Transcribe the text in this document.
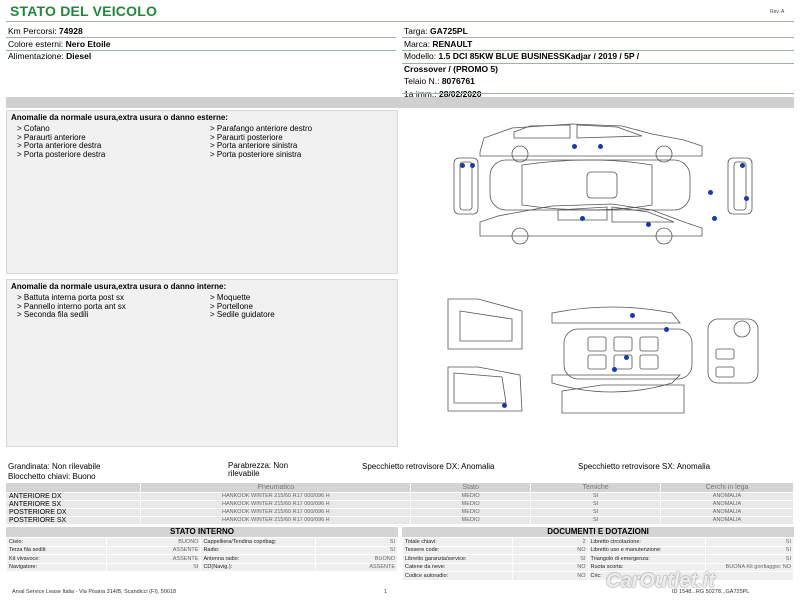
STATO DEL VEICOLO	Rev. A
Km Percorsi: 74928
Colore esterni: Nero Etoile
Alimentazione: Diesel
Targa: GA725PL
Marca: RENAULT
Modello: 1.5 DCI 85KW BLUE BUSINESSKadjar / 2019 / 5P /
Crossover / (PROMO 5)
Telaio N.: 8076761
Anomalie da normale usura,extra usura o danno esterne:
> Cofano
> Paraurti anteriore
> Porta anteriore destra
> Porta posteriore destra
> Parafango anteriore destro
> Paraurti posteriore
> Porta anteriore sinistra
> Porta posteriore sinistra
Anomalie da normale usura,extra usura o danno interne:
> Battuta interna porta post sx
> Pannello interno porta ant sx
> Seconda fila sedili
> Moquette
> Portellone
> Sedile guidatore
Grandinata: Non rilevabile	Parabrezza: Non
rilevabile
Specchietto retrovisore DX: Anomalia	Specchietto retrovisore SX: Anomalia
Blocchetto chiavi: Buono
	Pneumatico	Stato	Temiche	Cerchi in lega
ANTERIORE DX	HANKOOK WINTER 215/60 R17 000/096 H	MEDIO	SI	ANOMALIA
ANTERIORE SX	HANKOOK WINTER 215/60 R17 000/096 H	MEDIO	SI	ANOMALIA
POSTERIORE DX	HANKOOK WINTER 215/60 R17 000/096 H	MEDIO	SI	ANOMALIA
POSTERIORE SX	HANKOOK WINTER 215/60 R17 000/096 H	MEDIO	SI	ANOMALIA
STATO INTERNO
Cielo:	BUONO	Cappelliera/Tendina copribag:	SI
Terza fila sedili:	ASSENTE	Radio:	SI
Kit vivavoce:	ASSENTE	Antenna radio:	BUONO
Navigatore:	SI	CD(Navig.):	ASSENTE
DOCUMENTI E DOTAZIONI
Totale chiavi:	2	Libretto circolazione:	SI
Tessere code:	NO	Libretto uso e manutenzione:	SI
Libretto garanzia/service:	SI	Triangolo di emergenza:	SI
Catene da neve:	NO	Ruota scorta:	BUONA Kit gonfiaggio: NO
Codice autoradio:	NO	Cric:	
Arval Service Lease Italia - Via Pisana 314/B, Scandicci (FI), 50018	1	ID 1548...RG 50278...GA725PL
CarOutlet.it
